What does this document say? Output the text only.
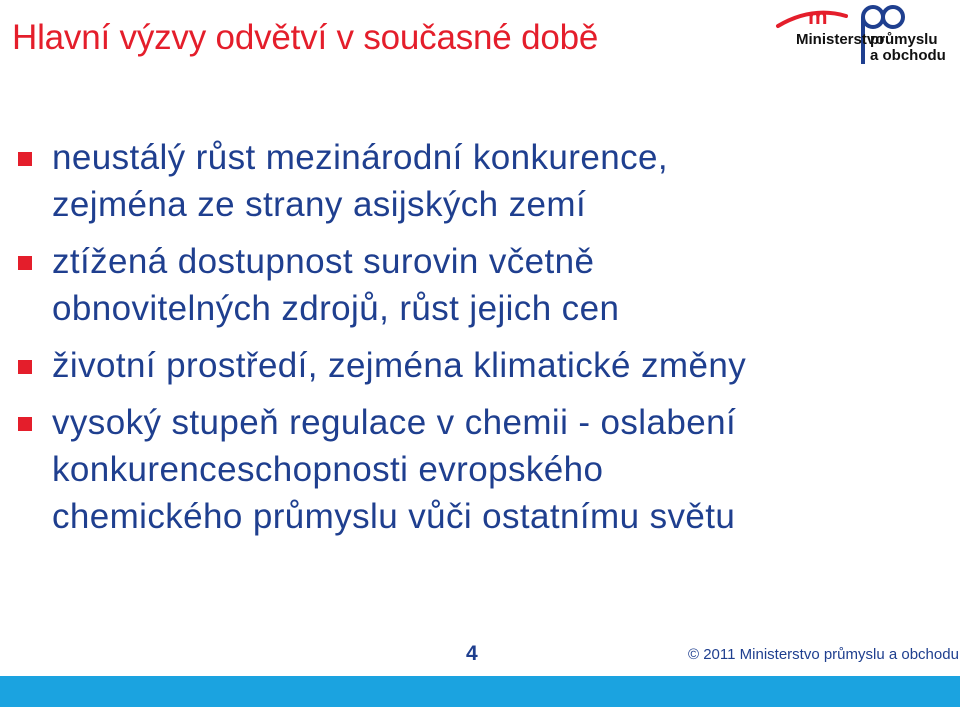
Hlavní výzvy odvětví v současné době
m
Ministerstvo
průmyslu
a obchodu
neustálý růst mezinárodní konkurence,
zejména ze strany asijských zemí
ztížená dostupnost surovin včetně
obnovitelných zdrojů, růst jejich cen
životní prostředí, zejména klimatické změny
vysoký stupeň regulace v chemii - oslabení
konkurenceschopnosti evropského
chemického průmyslu vůči ostatnímu světu
4	© 2011 Ministerstvo průmyslu a obchodu
